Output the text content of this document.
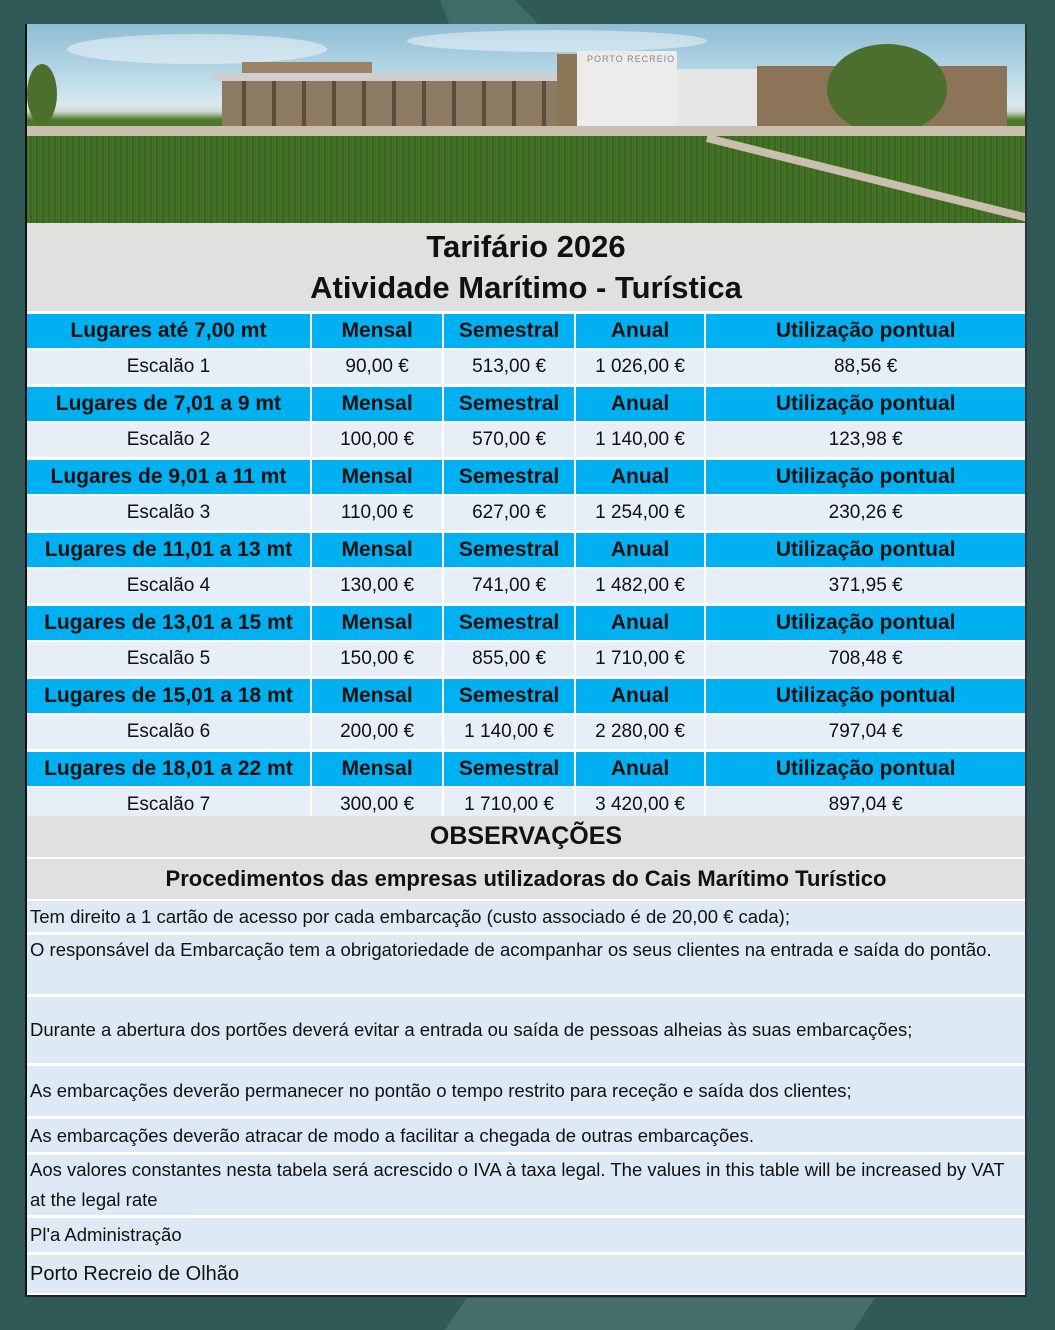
PORTO RECREIO
Tarifário 2026
Atividade Marítimo - Turística
Lugares até 7,00 mt	Mensal	Semestral	Anual	Utilização pontual
Escalão 1	90,00 €	513,00 €	1 026,00 €	88,56 €
Lugares de 7,01 a 9 mt	Mensal	Semestral	Anual	Utilização pontual
Escalão 2	100,00 €	570,00 €	1 140,00 €	123,98 €
Lugares de 9,01 a 11 mt	Mensal	Semestral	Anual	Utilização pontual
Escalão 3	110,00 €	627,00 €	1 254,00 €	230,26 €
Lugares de 11,01 a 13 mt	Mensal	Semestral	Anual	Utilização pontual
Escalão 4	130,00 €	741,00 €	1 482,00 €	371,95 €
Lugares de 13,01 a 15 mt	Mensal	Semestral	Anual	Utilização pontual
Escalão 5	150,00 €	855,00 €	1 710,00 €	708,48 €
Lugares de 15,01 a 18 mt	Mensal	Semestral	Anual	Utilização pontual
Escalão 6	200,00 €	1 140,00 €	2 280,00 €	797,04 €
Lugares de 18,01 a 22 mt	Mensal	Semestral	Anual	Utilização pontual
Escalão 7	300,00 €	1 710,00 €	3 420,00 €	897,04 €
OBSERVAÇÕES
Procedimentos das empresas utilizadoras do Cais Marítimo Turístico
Tem direito a 1 cartão de acesso por cada embarcação (custo associado é de 20,00 € cada);
O responsável da Embarcação tem a obrigatoriedade de acompanhar os seus clientes na entrada e saída do pontão.
Durante a abertura dos portões deverá evitar a entrada ou saída de pessoas alheias às suas embarcações;
As embarcações deverão permanecer no pontão o tempo restrito para receção e saída dos clientes;
As embarcações deverão atracar de modo a facilitar a chegada de outras embarcações.
Aos valores constantes nesta tabela será acrescido o IVA à taxa legal. The values in this table will be increased by VAT at the legal rate
Pl'a Administração
Porto Recreio de Olhão
